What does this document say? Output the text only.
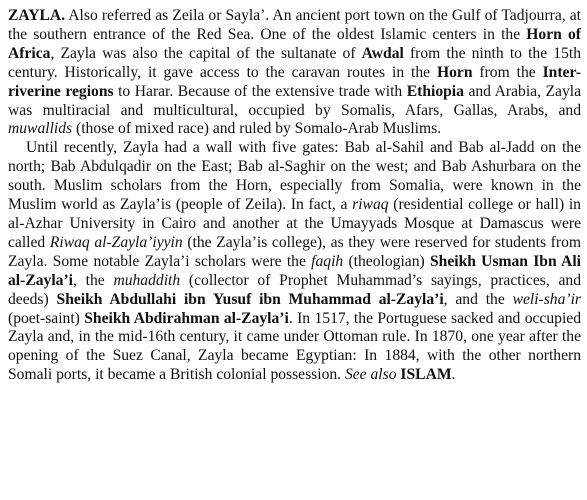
ZAYLA. Also referred as Zeila or Sayla’. An ancient port town on the Gulf of Tadjourra, at the southern entrance of the Red Sea. One of the oldest Islamic centers in the Horn of Africa, Zayla was also the capital of the sultanate of Awdal from the ninth to the 15th century. Historically, it gave access to the caravan routes in the Horn from the Inter-riverine regions to Harar. Because of the extensive trade with Ethiopia and Arabia, Zayla was multiracial and multicultural, occupied by Somalis, Afars, Gallas, Arabs, and muwallids (those of mixed race) and ruled by Somalo-Arab Muslims.

Until recently, Zayla had a wall with five gates: Bab al-Sahil and Bab al-Jadd on the north; Bab Abdulqadir on the East; Bab al-Saghir on the west; and Bab Ashurbara on the south. Muslim scholars from the Horn, especially from Somalia, were known in the Muslim world as Zayla’is (people of Zeila). In fact, a riwaq (residential college or hall) in al-Azhar University in Cairo and another at the Umayyads Mosque at Damascus were called Riwaq al-Zayla’iyyin (the Zayla’is college), as they were reserved for students from Zayla. Some notable Zayla’i scholars were the faqih (theologian) Sheikh Usman Ibn Ali al-Zayla’i, the muhaddith (collector of Prophet Muhammad’s sayings, practices, and deeds) Sheikh Abdullahi ibn Yusuf ibn Muhammad al-Zayla’i, and the weli-sha’ir (poet-saint) Sheikh Abdirahman al-Zayla’i. In 1517, the Portuguese sacked and occupied Zayla and, in the mid-16th century, it came under Ottoman rule. In 1870, one year after the opening of the Suez Canal, Zayla became Egyptian: In 1884, with the other northern Somali ports, it became a British colonial possession. See also ISLAM.
